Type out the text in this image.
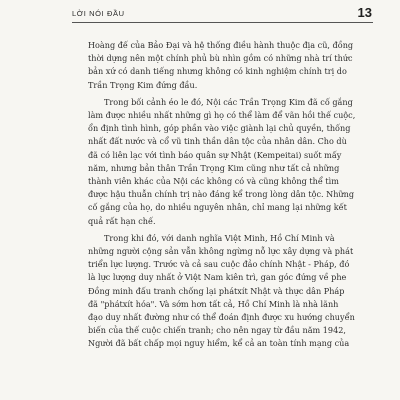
LỜI NÓI ĐẦU	13

Hoàng đế của Bảo Đại và hệ thống điều hành thuộc địa cũ, đồng
thời dựng nên một chính phủ bù nhìn gồm có những nhà trí thức
bản xứ có danh tiếng nhưng không có kinh nghiệm chính trị do
Trần Trọng Kim đứng đầu.

Trong bối cảnh éo le đó, Nội các Trần Trọng Kim đã cố gắng
làm được nhiều nhất những gì họ có thể làm để vãn hồi thế cuộc,
ổn định tình hình, góp phần vào việc giành lại chủ quyền, thống
nhất đất nước và cổ vũ tinh thần dân tộc của nhân dân. Cho dù
đã có liên lạc với tình báo quân sự Nhật (Kempeitai) suốt mấy
năm, nhưng bản thân Trần Trọng Kim cũng như tất cả những
thành viên khác của Nội các không có và cũng không thể tìm
được hậu thuẫn chính trị nào đáng kể trong lòng dân tộc. Những
cố gắng của họ, do nhiều nguyên nhân, chỉ mang lại những kết
quả rất hạn chế.

Trong khi đó, với danh nghĩa Việt Minh, Hồ Chí Minh và
những người cộng sản vẫn không ngừng nỗ lực xây dựng và phát
triển lực lượng. Trước và cả sau cuộc đảo chính Nhật - Pháp, đó
là lực lượng duy nhất ở Việt Nam kiên trì, gan góc đứng về phe
Đồng minh đấu tranh chống lại phátxít Nhật và thực dân Pháp
đã "phátxít hóa". Và sớm hơn tất cả, Hồ Chí Minh là nhà lãnh
đạo duy nhất đường như có thể đoán định được xu hướng chuyển
biến của thế cuộc chiến tranh; cho nên ngay từ đầu năm 1942,
Người đã bất chấp mọi nguy hiểm, kể cả an toàn tính mạng của
